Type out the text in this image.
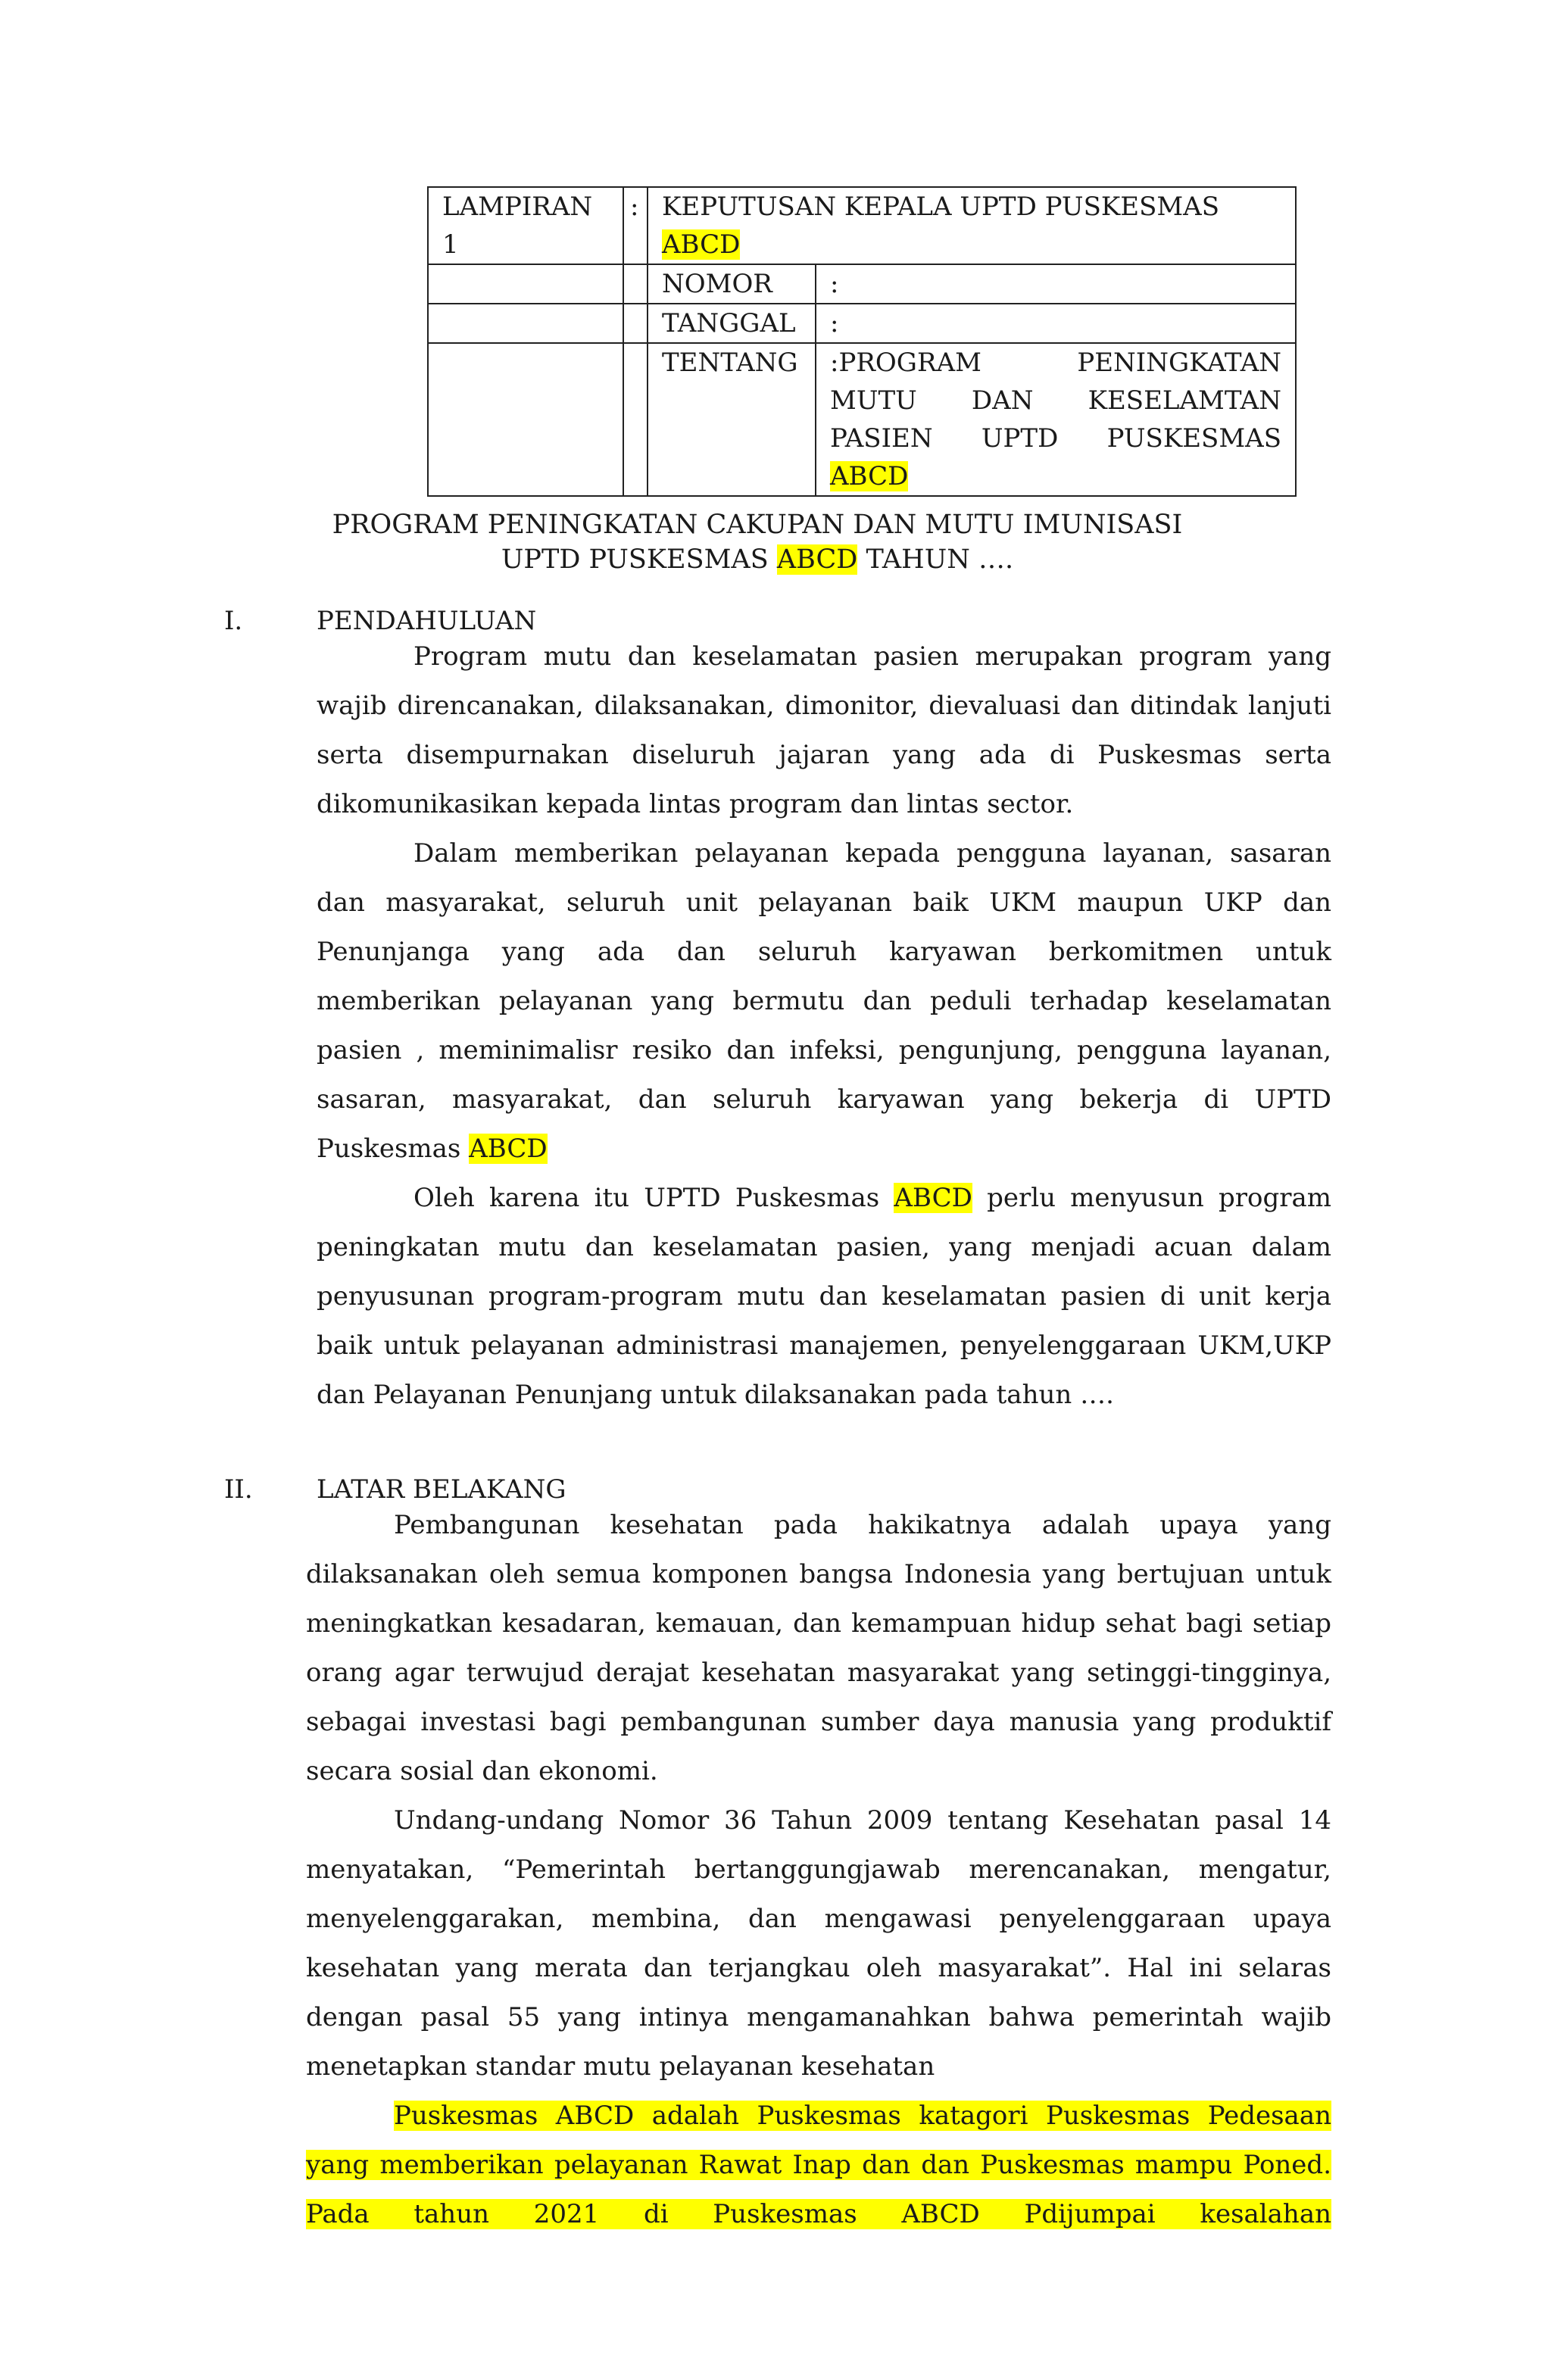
LAMPIRAN 1	:	KEPUTUSAN KEPALA UPTD PUSKESMAS
ABCD	
		NOMOR	:
		TANGGAL	:
		TENTANG	:PROGRAM PENINGKATAN MUTU DAN KESELAMTAN PASIEN UPTD PUSKESMAS ABCD
PROGRAM PENINGKATAN CAKUPAN DAN MUTU IMUNISASI
UPTD PUSKESMAS ABCD TAHUN ….
I.	PENDAHULUAN

Program mutu dan keselamatan pasien merupakan program yang wajib direncanakan, dilaksanakan, dimonitor, dievaluasi dan ditindak lanjuti serta disempurnakan diseluruh jajaran yang ada di Puskesmas serta dikomunikasikan kepada lintas program dan lintas sector.

Dalam memberikan pelayanan kepada pengguna layanan, sasaran dan masyarakat, seluruh unit pelayanan baik UKM maupun UKP dan Penunjanga yang ada dan seluruh karyawan berkomitmen untuk memberikan pelayanan yang bermutu dan peduli terhadap keselamatan pasien , meminimalisr resiko dan infeksi, pengunjung, pengguna layanan, sasaran, masyarakat, dan seluruh karyawan yang bekerja di UPTD Puskesmas ABCD

Oleh karena itu UPTD Puskesmas ABCD perlu menyusun program peningkatan mutu dan keselamatan pasien, yang menjadi acuan dalam penyusunan program-program mutu dan keselamatan pasien di unit kerja baik untuk pelayanan administrasi manajemen, penyelenggaraan UKM,UKP dan Pelayanan Penunjang untuk dilaksanakan pada tahun ….

II. LATAR BELAKANG

Pembangunan kesehatan pada hakikatnya adalah upaya yang dilaksanakan oleh semua komponen bangsa Indonesia yang bertujuan untuk meningkatkan kesadaran, kemauan, dan kemampuan hidup sehat bagi setiap orang agar terwujud derajat kesehatan masyarakat yang setinggi-tingginya, sebagai investasi bagi pembangunan sumber daya manusia yang produktif secara sosial dan ekonomi.

Undang-undang Nomor 36 Tahun 2009 tentang Kesehatan pasal 14 menyatakan, “Pemerintah bertanggungjawab merencanakan, mengatur, menyelenggarakan, membina, dan mengawasi penyelenggaraan upaya kesehatan yang merata dan terjangkau oleh masyarakat”. Hal ini selaras dengan pasal 55 yang intinya mengamanahkan bahwa pemerintah wajib menetapkan standar mutu pelayanan kesehatan

Puskesmas ABCD adalah Puskesmas katagori Puskesmas Pedesaan yang memberikan pelayanan Rawat Inap dan dan Puskesmas mampu Poned. Pada tahun 2021 di Puskesmas ABCD Pdijumpai kesalahan
